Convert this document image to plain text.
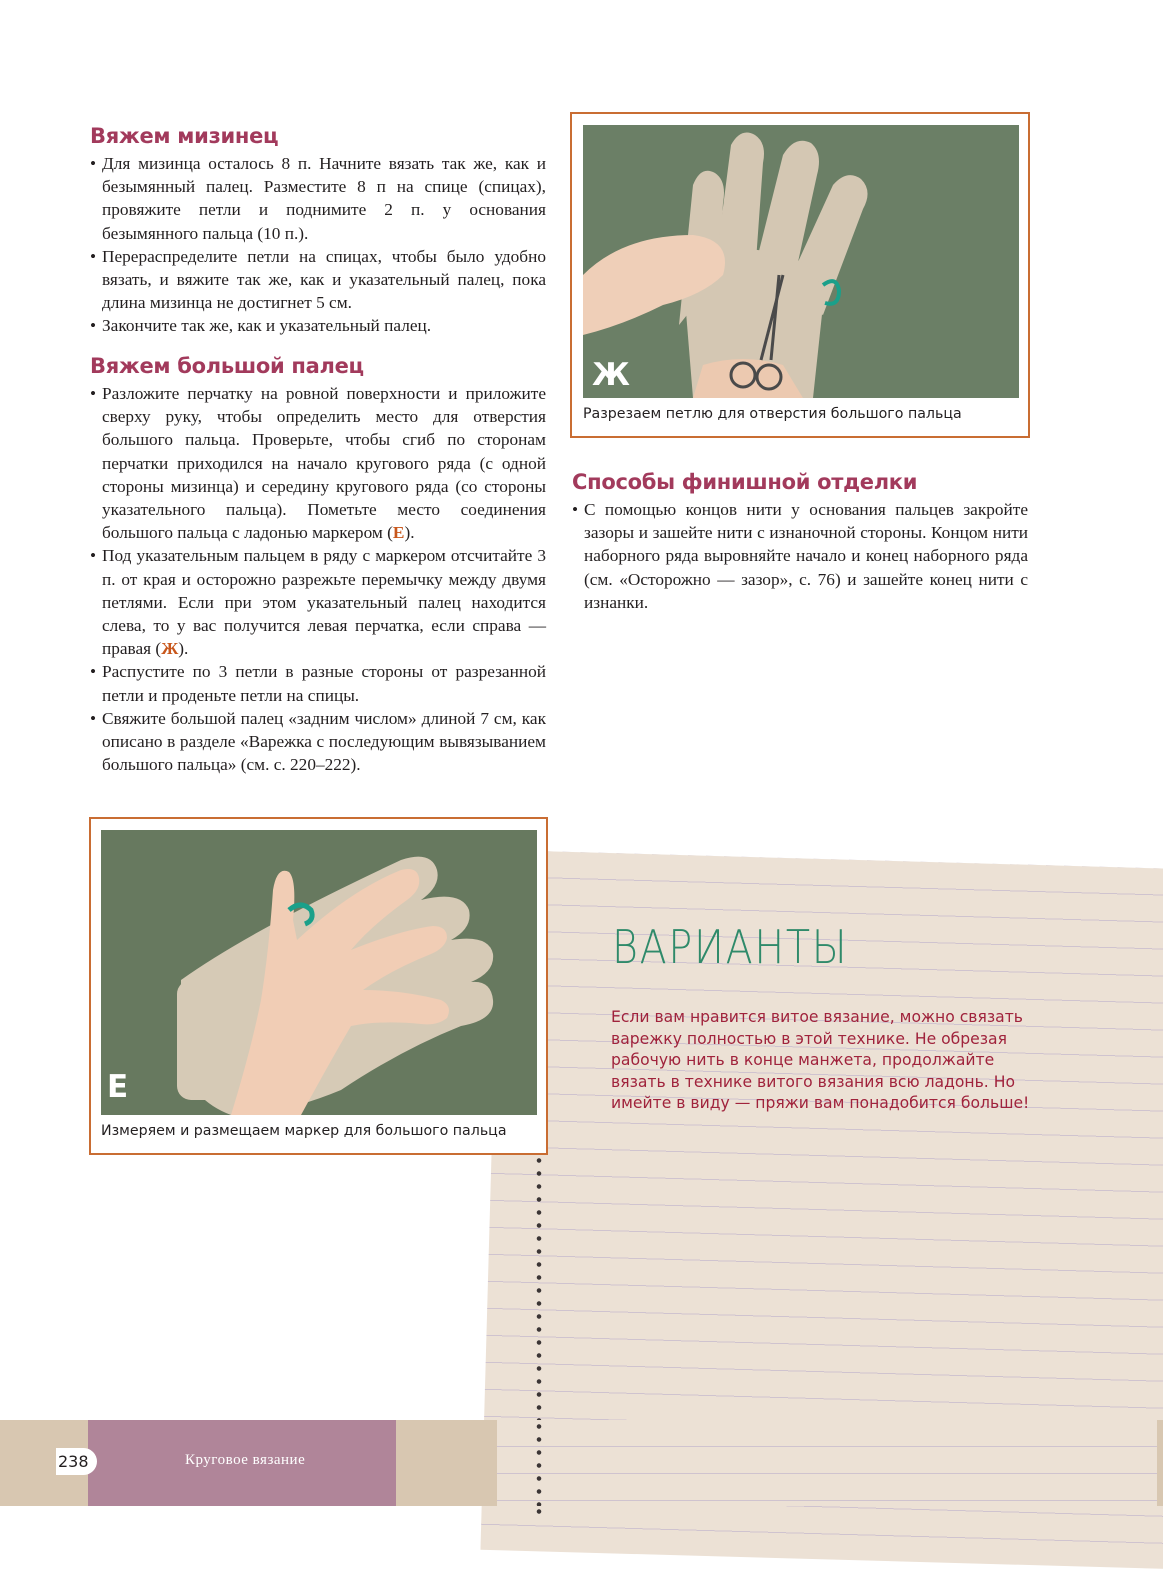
Вяжем мизинец
• Для мизинца осталось 8 п. Начните вязать так же, как и безымянный палец. Разместите 8 п на спице (спицах), провяжите петли и поднимите 2 п. у основания безымянного пальца (10 п.).
• Перераспределите петли на спицах, чтобы было удобно вязать, и вяжите так же, как и указательный палец, пока длина мизинца не достигнет 5 см.
• Закончите так же, как и указательный палец.
Вяжем большой палец
• Разложите перчатку на ровной поверхности и приложите сверху руку, чтобы определить место для отверстия большого пальца. Проверьте, чтобы сгиб по сторонам перчатки приходился на начало кругового ряда (с одной стороны мизинца) и середину кругового ряда (со стороны указательного пальца). Пометьте место соединения большого пальца с ладонью маркером (Е).
• Под указательным пальцем в ряду с маркером отсчитайте 3 п. от края и осторожно разрежьте перемычку между двумя петлями. Если при этом указательный палец находится слева, то у вас получится левая перчатка, если справа — правая (Ж).
• Распустите по 3 петли в разные стороны от разрезанной петли и проденьте петли на спицы.
• Свяжите большой палец «задним числом» длиной 7 см, как описано в разделе «Варежка с последующим вывязыванием большого пальца» (см. с. 220–222).
Ж
Разрезаем петлю для отверстия большого пальца
Способы финишной отделки
• С помощью концов нити у основания пальцев закройте зазоры и зашейте нити с изнаночной стороны. Концом нити наборного ряда выровняйте начало и конец наборного ряда (см. «Осторожно — зазор», с. 76) и зашейте конец нити с изнанки.
Е
Измеряем и размещаем маркер для большого пальца
ВАРИАНТЫ

Если вам нравится витое вязание, можно связать варежку полностью в этой технике. Не обрезая рабочую нить в конце манжета, продолжайте вязать в технике витого вязания всю ладонь. Но имейте в виду — пряжи вам понадобится больше!

238	Круговое вязание
